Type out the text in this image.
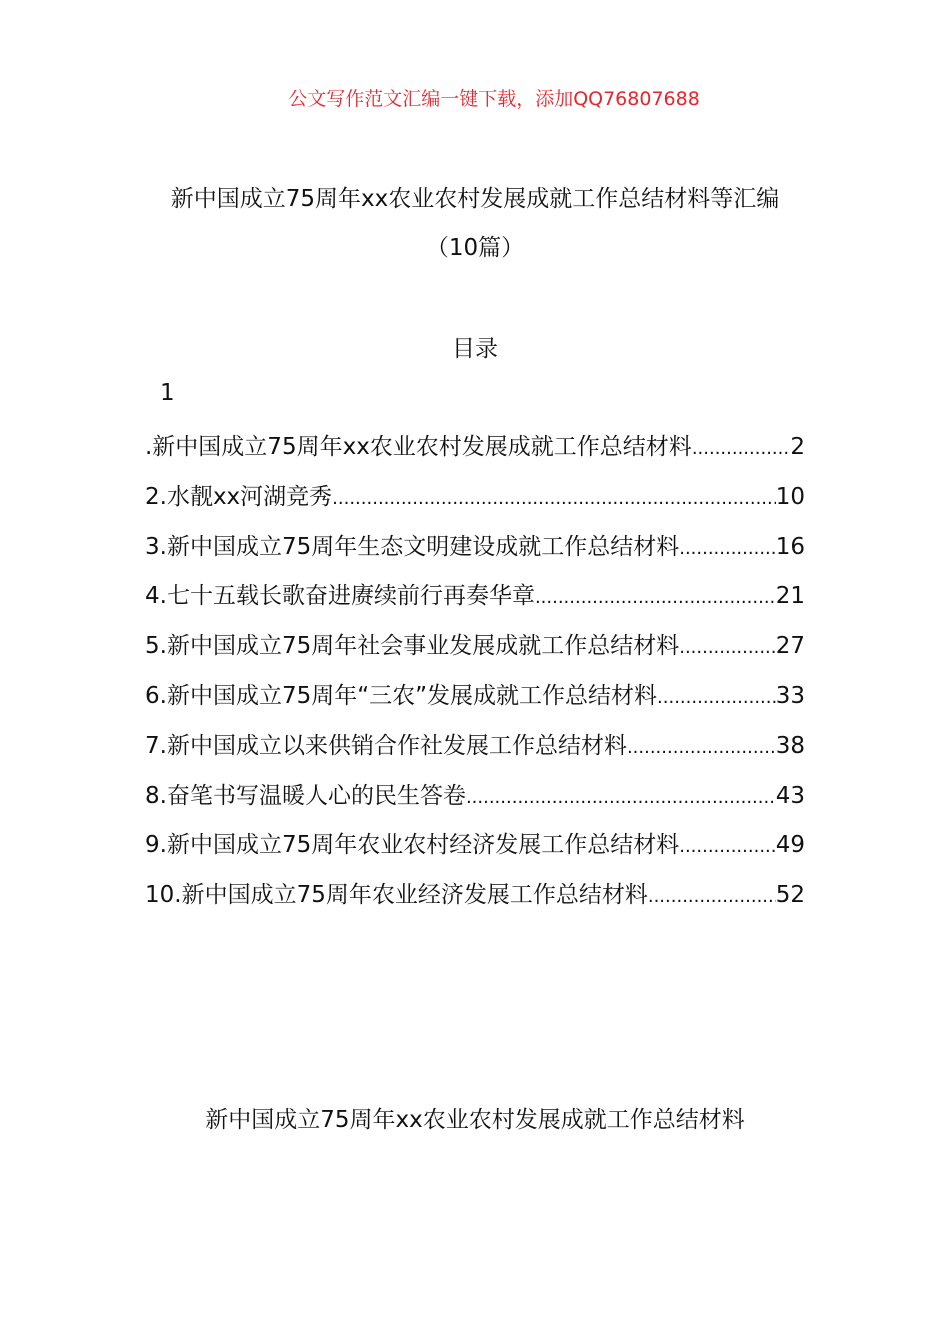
公文写作范文汇编一键下载，添加QQ76807688
新中国成立75周年xx农业农村发展成就工作总结材料等汇编
（10篇）
目录
1
.新中国成立75周年xx农业农村发展成就工作总结材料 .....	2
2.水靓xx河湖竞秀 .....	10
3.新中国成立75周年生态文明建设成就工作总结材料 .....	16
4.七十五载长歌奋进赓续前行再奏华章 .....	21
5.新中国成立75周年社会事业发展成就工作总结材料 .....	27
6.新中国成立75周年“三农”发展成就工作总结材料 .....	33
7.新中国成立以来供销合作社发展工作总结材料 .....	38
8.奋笔书写温暖人心的民生答卷 .....	43
9.新中国成立75周年农业农村经济发展工作总结材料 .....	49
10.新中国成立75周年农业经济发展工作总结材料 .....	52
新中国成立75周年xx农业农村发展成就工作总结材料
